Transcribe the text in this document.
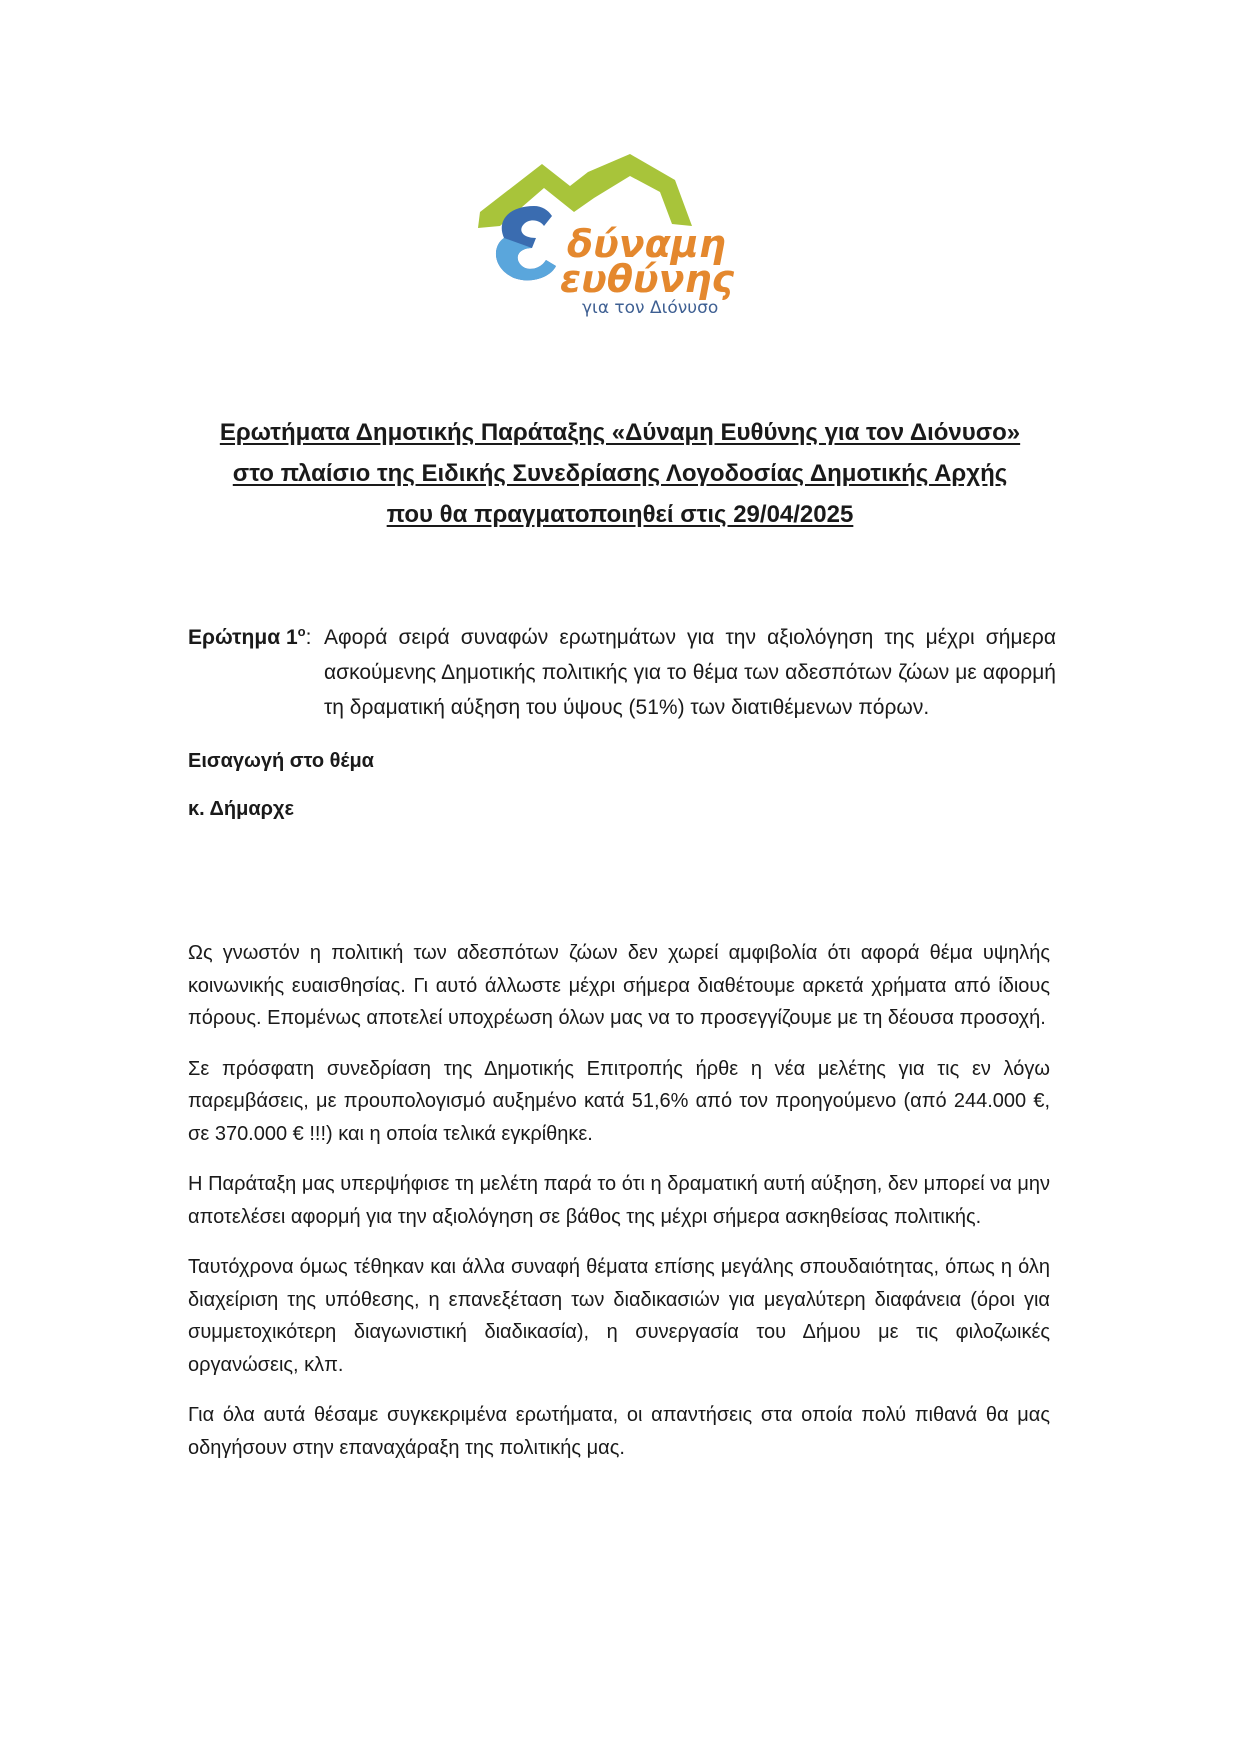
δύναμη
ευθύνης
για τον Διόνυσο
Ερωτήματα Δημοτικής Παράταξης «Δύναμη Ευθύνης για τον Διόνυσο»
στο πλαίσιο της Ειδικής Συνεδρίασης Λογοδοσίας Δημοτικής Αρχής
που θα πραγματοποιηθεί στις 29/04/2025
Ερώτημα $1^o$: Αφορά σειρά συναφών ερωτημάτων για την αξιολόγηση της μέχρι σήμερα ασκούμενης Δημοτικής πολιτικής για το θέμα των αδεσπότων ζώων με αφορμή τη δραματική αύξηση του ύψους (51%) των διατιθέμενων πόρων.
Εισαγωγή στο θέμα
κ. Δήμαρχε

Ως γνωστόν η πολιτική των αδεσπότων ζώων δεν χωρεί αμφιβολία ότι αφορά θέμα υψηλής κοινωνικής ευαισθησίας. Γι αυτό άλλωστε μέχρι σήμερα διαθέτουμε αρκετά χρήματα από ίδιους πόρους. Επομένως αποτελεί υποχρέωση όλων μας να το προσεγγίζουμε με τη δέουσα προσοχή.

Σε πρόσφατη συνεδρίαση της Δημοτικής Επιτροπής ήρθε η νέα μελέτης για τις εν λόγω παρεμβάσεις, με προυπολογισμό αυξημένο κατά 51,6% από τον προηγούμενο (από 244.000 €, σε 370.000 € !!!) και η οποία τελικά εγκρίθηκε.

Η Παράταξη μας υπερψήφισε τη μελέτη παρά το ότι η δραματική αυτή αύξηση, δεν μπορεί να μην αποτελέσει αφορμή για την αξιολόγηση σε βάθος της μέχρι σήμερα ασκηθείσας πολιτικής.

Ταυτόχρονα όμως τέθηκαν και άλλα συναφή θέματα επίσης μεγάλης σπουδαιότητας, όπως η όλη διαχείριση της υπόθεσης, η επανεξέταση των διαδικασιών για μεγαλύτερη διαφάνεια (όροι για συμμετοχικότερη διαγωνιστική διαδικασία), η συνεργασία του Δήμου με τις φιλοζωικές οργανώσεις, κλπ.

Για όλα αυτά θέσαμε συγκεκριμένα ερωτήματα, οι απαντήσεις στα οποία πολύ πιθανά θα μας οδηγήσουν στην επαναχάραξη της πολιτικής μας.
